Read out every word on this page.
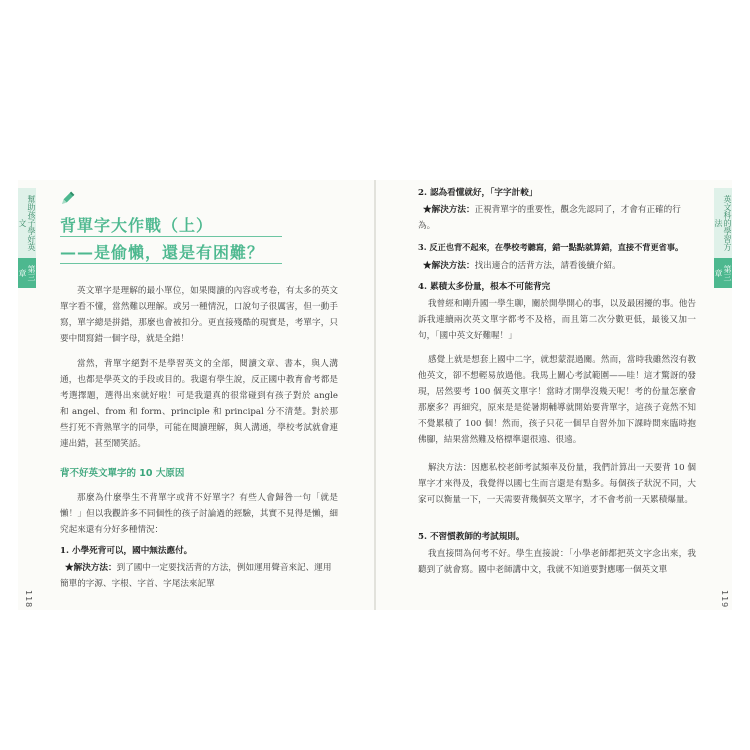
幫助孩子學好英文
第三章
118
英文科的學習方法
第三章
119
背單字大作戰（上）
——是偷懶，還是有困難？

英文單字是理解的最小單位，如果閱讀的內容或考卷，有太多的英文單字看不懂，當然難以理解。或另一種情況，口說句子很厲害，但一動手寫，單字總是拼錯，那麼也會被扣分。更直接殘酷的現實是，考單字，只要中間寫錯一個字母，就是全錯！

當然，背單字絕對不是學習英文的全部，閱讀文章、書本，與人溝通，也都是學英文的手段或目的。我還有學生說，反正國中教育會考都是考選擇題，選得出來就好啦！可是我還真的很常碰到有孩子對於 angle 和 angel、from 和 form、principle 和 principal 分不清楚。對於那些打死不背熟單字的同學，可能在閱讀理解，與人溝通，學校考試就會連連出錯，甚至鬧笑話。

背不好英文單字的 10 大原因

那麼為什麼學生不背單字或背不好單字？有些人會歸咎一句「就是懶！」但以我觀許多不同個性的孩子討論過的經驗，其實不見得是懶，細究起來還有分好多種情況：

1. 小學死背可以，國中無法應付。

★解決方法：到了國中一定要找活背的方法，例如運用聲音來記、運用簡單的字源、字根、字首、字尾法來記單

2. 認為看懂就好，「字字計較」

★解決方法：正視背單字的重要性，觀念先認同了，才會有正確的行為。

3. 反正也背不起來，在學校考聽寫，錯一點點就算錯，直接不背更省事。

★解決方法：找出適合的活背方法，請看後續介紹。

4. 累積太多份量，根本不可能背完

我曾經和剛升國一學生聊，關於開學開心的事，以及最困擾的事。他告訴我連續兩次英文單字都考不及格，而且第二次分數更低，最後又加一句，「國中英文好難喔！」

感覺上就是想套上國中二字，就想蒙混過關。然而，當時我雖然沒有教他英文，卻不想輕易放過他。我馬上關心考試範圍——哇！這才驚訝的發現，居然要考 100 個英文單字！當時才開學沒幾天呢！考的份量怎麼會那麼多？再細究，原來是是從暑期輔導就開始要背單字，這孩子竟然不知不覺累積了 100 個！然而，孩子只花一個早自習外加下課時間來臨時抱佛腳，結果當然難及格標準還很遠、很遠。

解決方法：因應私校老師考試頻率及份量，我們計算出一天要背 10 個單字才來得及，我覺得以國七生而言還是有點多。每個孩子狀況不同，大家可以衡量一下，一天需要背幾個英文單字，才不會考前一天累積爆量。

5. 不習慣教師的考試規則。

我直接問為何考不好。學生直接說：「小學老師都把英文字念出來，我聽到了就會寫。國中老師講中文，我就不知道要對應哪一個英文單
